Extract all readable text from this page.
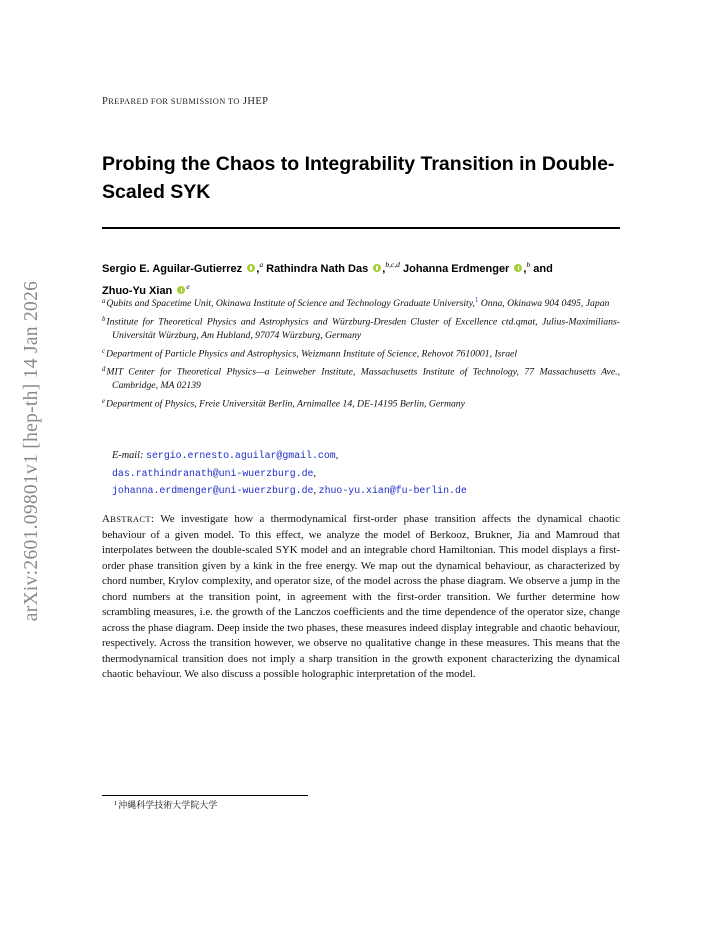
arXiv:2601.09801v1 [hep-th] 14 Jan 2026
PREPARED FOR SUBMISSION TO JHEP
Probing the Chaos to Integrability Transition in Double-Scaled SYK
Sergio E. Aguilar-Gutierrez ,$^a$ Rathindra Nath Das ,$^{b,c,d}$ Johanna Erdmenger ,$^b$ and
Zhuo-Yu Xian $^e$

$^a$Qubits and Spacetime Unit, Okinawa Institute of Science and Technology Graduate University,$^1$ Onna, Okinawa 904 0495, Japan

$^b$Institute for Theoretical Physics and Astrophysics and Würzburg-Dresden Cluster of Excellence ctd.qmat, Julius-Maximilians-Universität Würzburg, Am Hubland, 97074 Würzburg, Germany

$^c$Department of Particle Physics and Astrophysics, Weizmann Institute of Science, Rehovot 7610001, Israel

$^d$MIT Center for Theoretical Physics—a Leinweber Institute, Massachusetts Institute of Technology, 77 Massachusetts Ave., Cambridge, MA 02139

$^e$Department of Physics, Freie Universität Berlin, Arnimallee 14, DE-14195 Berlin, Germany

E-mail: sergio.ernesto.aguilar@gmail.com,
das.rathindranath@uni-wuerzburg.de,
johanna.erdmenger@uni-wuerzburg.de, zhuo-yu.xian@fu-berlin.de

ABSTRACT: We investigate how a thermodynamical first-order phase transition affects the dynamical chaotic behaviour of a given model. To this effect, we analyze the model of Berkooz, Brukner, Jia and Mamroud that interpolates between the double-scaled SYK model and an integrable chord Hamiltonian. This model displays a first-order phase transition given by a kink in the free energy. We map out the dynamical behaviour, as characterized by chord number, Krylov complexity, and operator size, of the model across the phase diagram. We observe a jump in the chord numbers at the transition point, in agreement with the first-order transition. We further determine how scrambling measures, i.e. the growth of the Lanczos coefficients and the time dependence of the operator size, change across the phase diagram. Deep inside the two phases, these measures indeed display integrable and chaotic behaviour, respectively. Across the transition however, we observe no qualitative change in these measures. This means that the thermodynamical transition does not imply a sharp transition in the growth exponent characterizing the dynamical chaotic behaviour. We also discuss a possible holographic interpretation of the model.

$^1$沖縄科学技術大学院大学
